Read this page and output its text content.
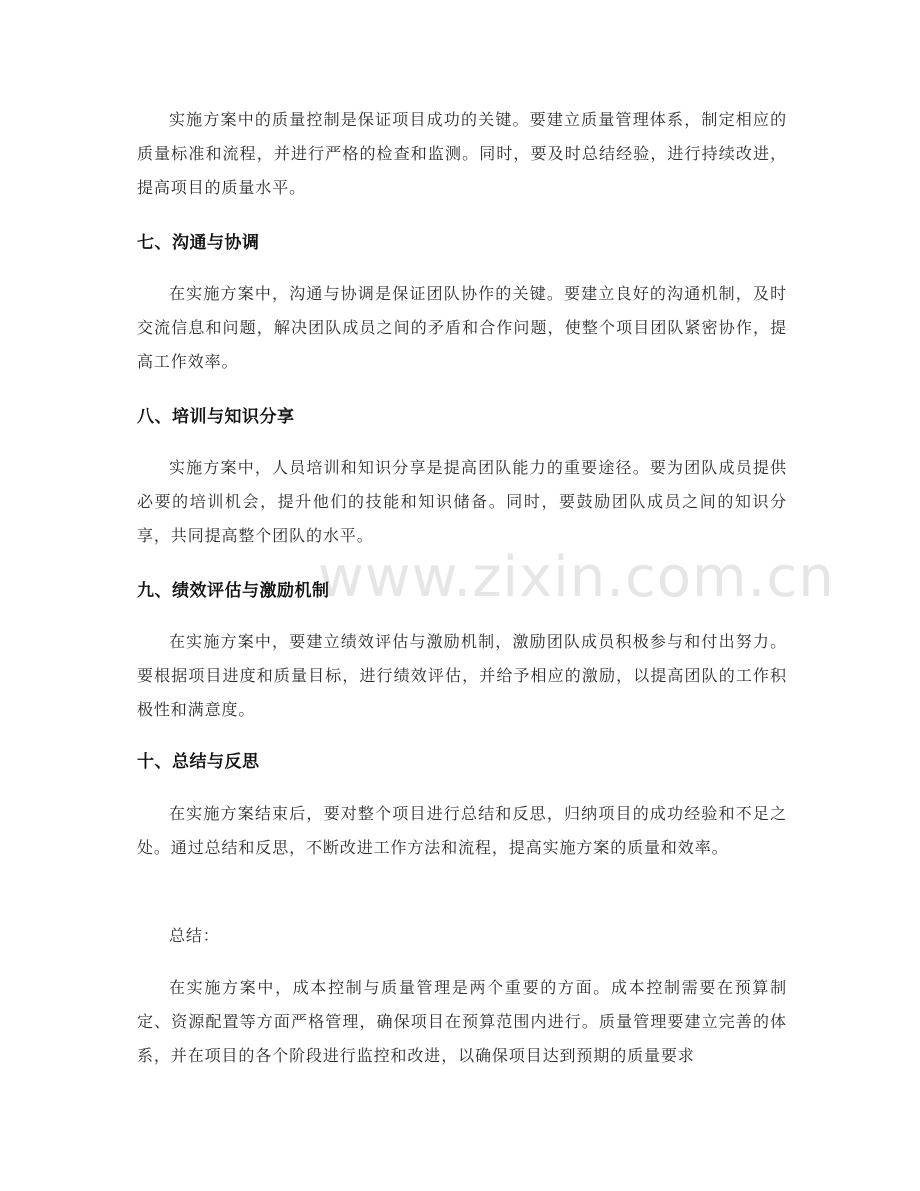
www.zixin.com.cn

实施方案中的质量控制是保证项目成功的关键。要建立质量管理体系，制定相应的质量标准和流程，并进行严格的检查和监测。同时，要及时总结经验，进行持续改进，提高项目的质量水平。

七、沟通与协调

在实施方案中，沟通与协调是保证团队协作的关键。要建立良好的沟通机制，及时交流信息和问题，解决团队成员之间的矛盾和合作问题，使整个项目团队紧密协作，提高工作效率。

八、培训与知识分享

实施方案中，人员培训和知识分享是提高团队能力的重要途径。要为团队成员提供必要的培训机会，提升他们的技能和知识储备。同时，要鼓励团队成员之间的知识分享，共同提高整个团队的水平。

九、绩效评估与激励机制

在实施方案中，要建立绩效评估与激励机制，激励团队成员积极参与和付出努力。要根据项目进度和质量目标，进行绩效评估，并给予相应的激励，以提高团队的工作积极性和满意度。

十、总结与反思

在实施方案结束后，要对整个项目进行总结和反思，归纳项目的成功经验和不足之处。通过总结和反思，不断改进工作方法和流程，提高实施方案的质量和效率。

总结：

在实施方案中，成本控制与质量管理是两个重要的方面。成本控制需要在预算制定、资源配置等方面严格管理，确保项目在预算范围内进行。质量管理要建立完善的体系，并在项目的各个阶段进行监控和改进，以确保项目达到预期的质量要求
